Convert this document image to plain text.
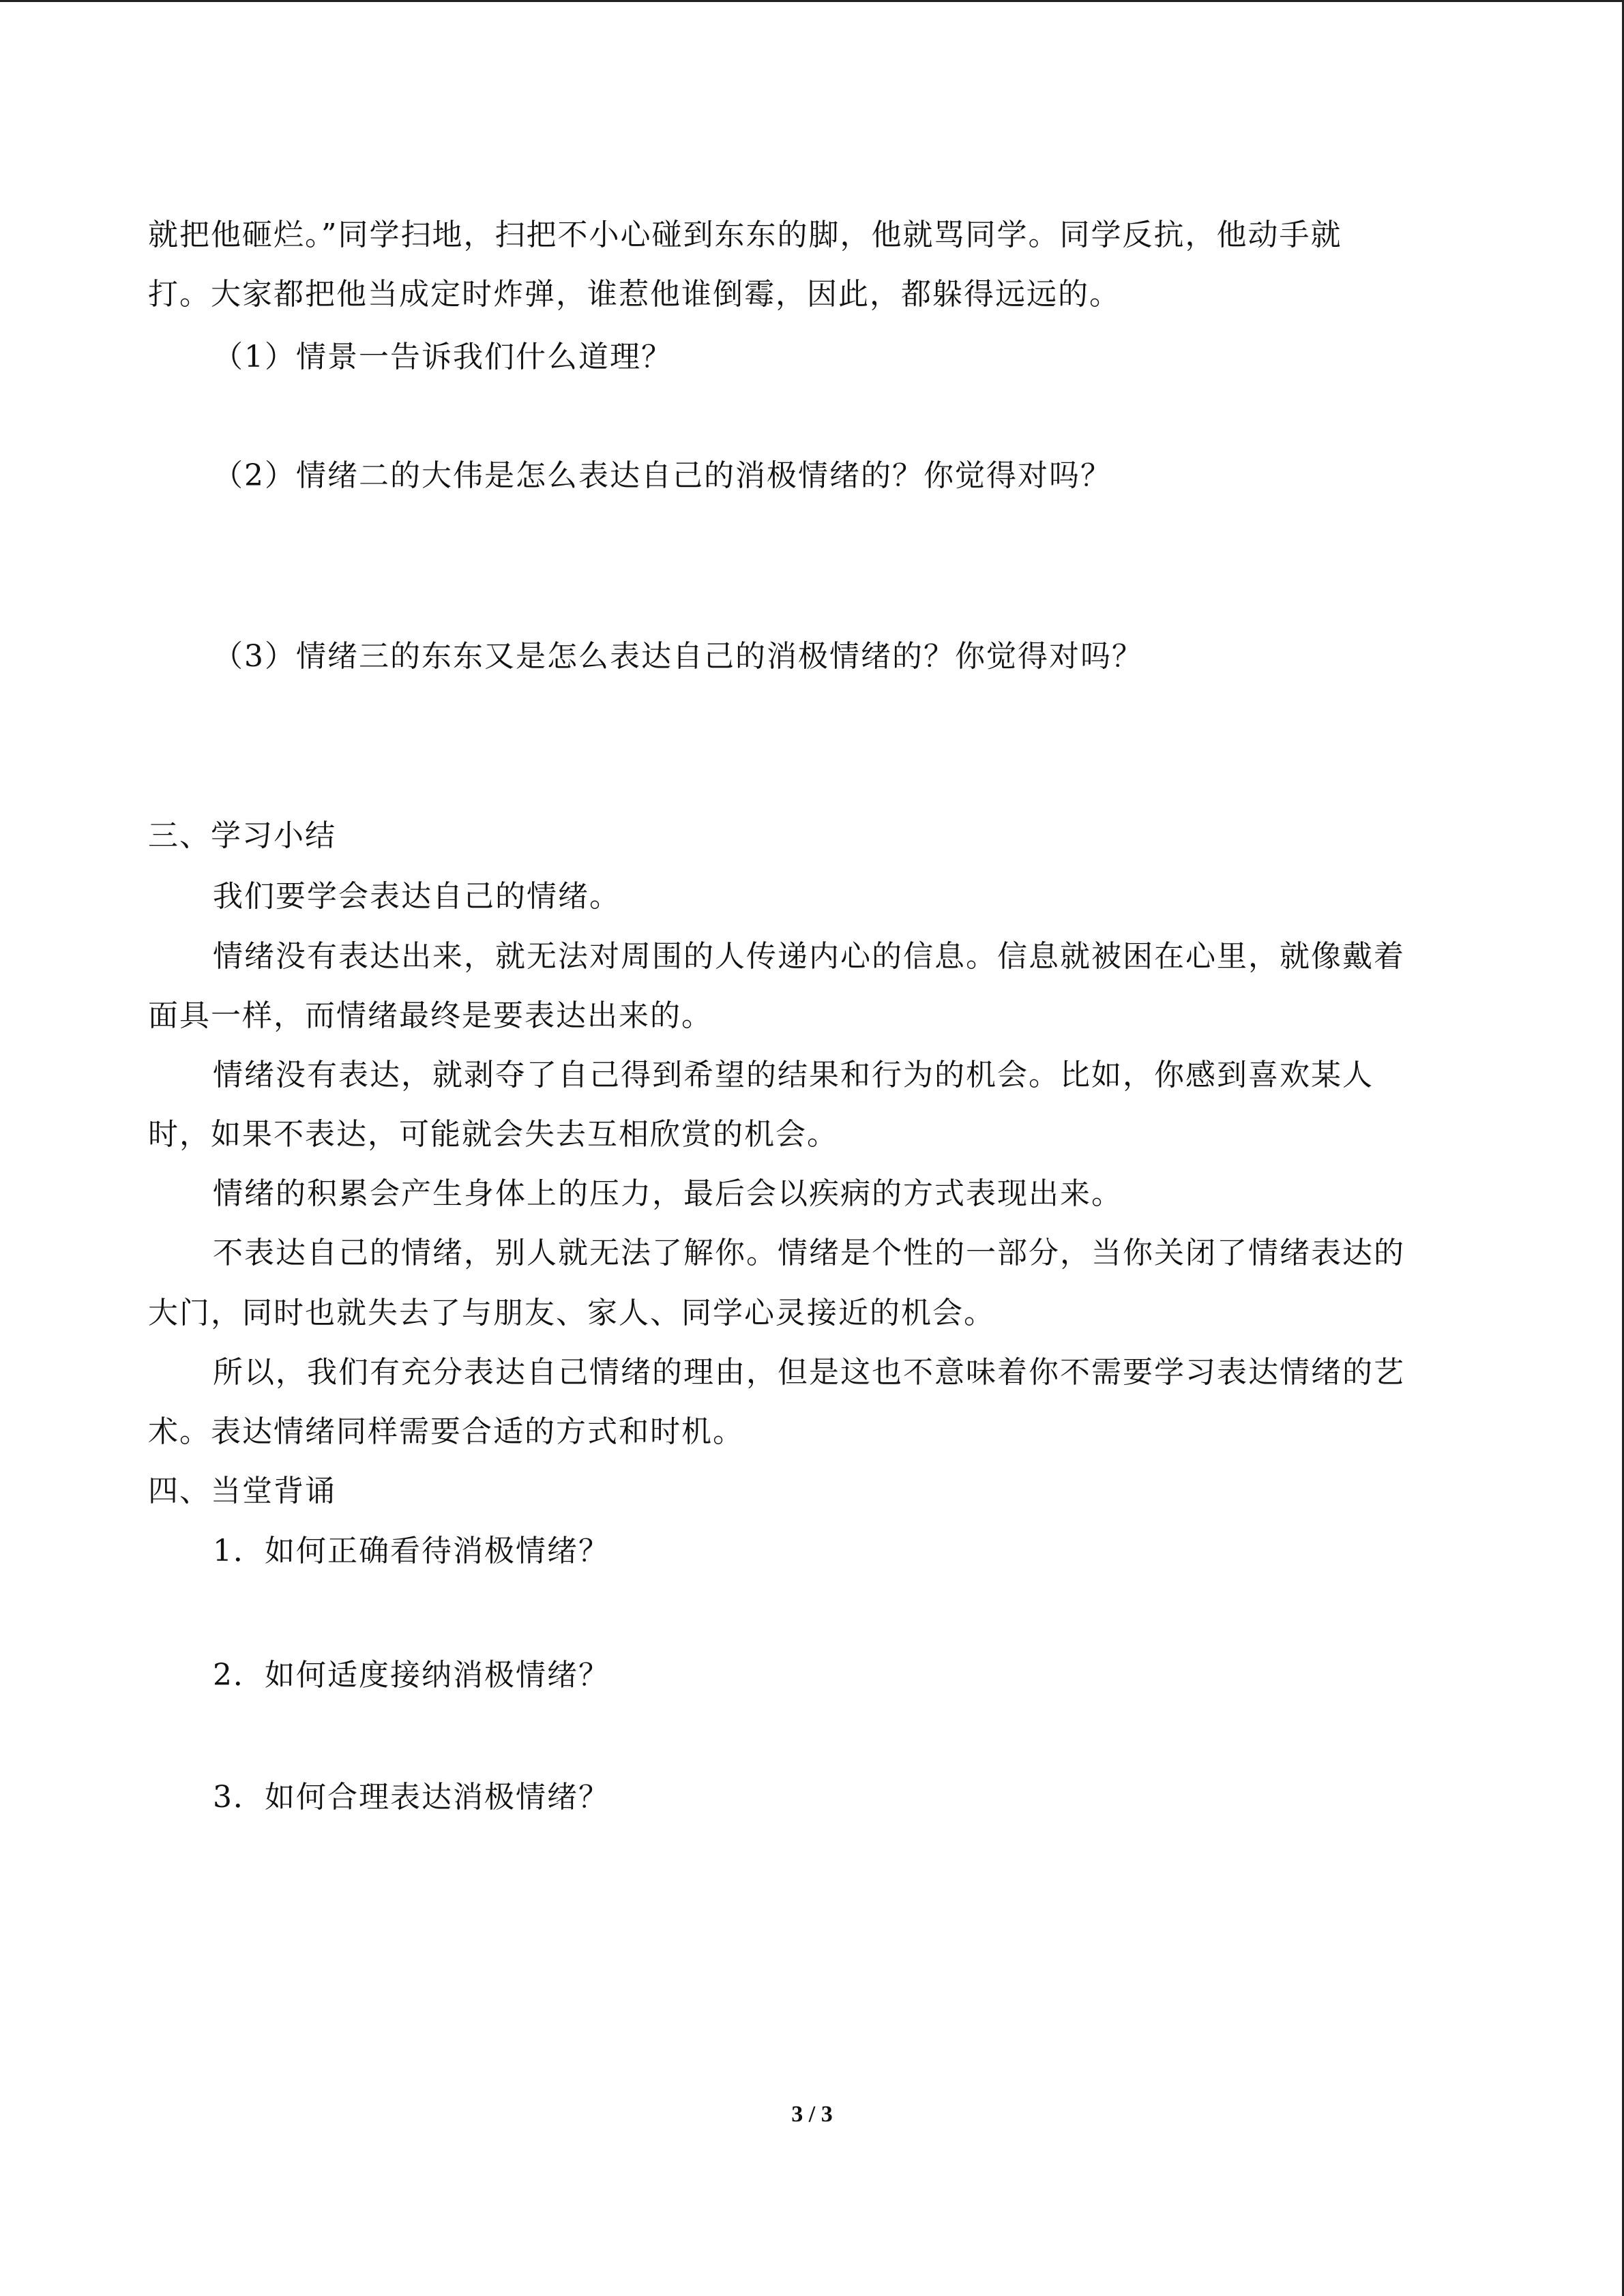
就把他砸烂。”同学扫地，扫把不小心碰到东东的脚，他就骂同学。同学反抗，他动手就
打。大家都把他当成定时炸弹，谁惹他谁倒霉，因此，都躲得远远的。
（1）情景一告诉我们什么道理？
（2）情绪二的大伟是怎么表达自己的消极情绪的？你觉得对吗？
（3）情绪三的东东又是怎么表达自己的消极情绪的？你觉得对吗？
三、学习小结
我们要学会表达自己的情绪。
情绪没有表达出来，就无法对周围的人传递内心的信息。信息就被困在心里，就像戴着
面具一样，而情绪最终是要表达出来的。
情绪没有表达，就剥夺了自己得到希望的结果和行为的机会。比如，你感到喜欢某人
时，如果不表达，可能就会失去互相欣赏的机会。
情绪的积累会产生身体上的压力，最后会以疾病的方式表现出来。
不表达自己的情绪，别人就无法了解你。情绪是个性的一部分，当你关闭了情绪表达的
大门，同时也就失去了与朋友、家人、同学心灵接近的机会。
所以，我们有充分表达自己情绪的理由，但是这也不意味着你不需要学习表达情绪的艺
术。表达情绪同样需要合适的方式和时机。
四、当堂背诵
1．如何正确看待消极情绪？
2．如何适度接纳消极情绪？
3．如何合理表达消极情绪？
3 / 3
